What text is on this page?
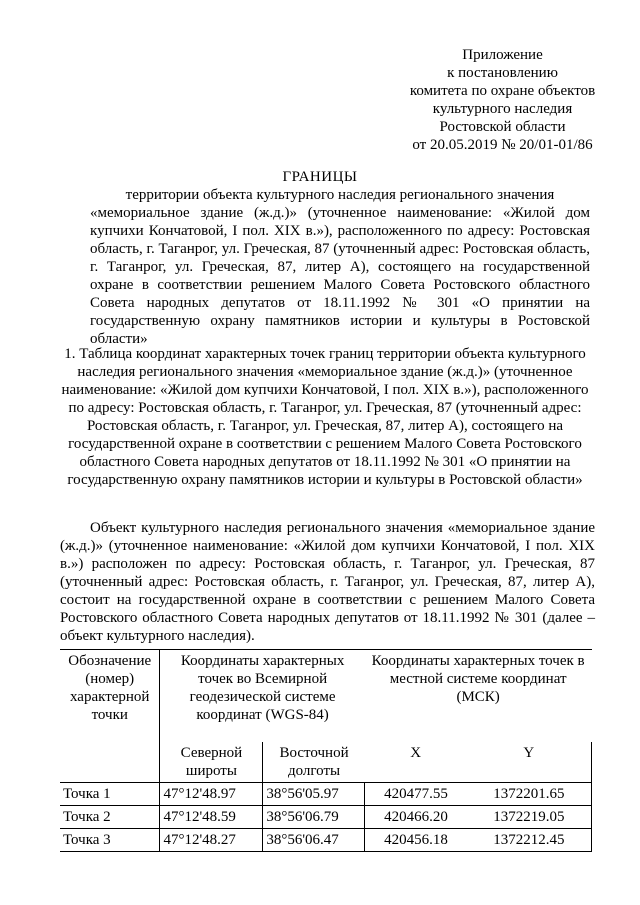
Приложение
к постановлению
комитета по охране объектов
культурного наследия
Ростовской области
от 20.05.2019 № 20/01-01/86
ГРАНИЦЫ
территории объекта культурного наследия регионального значения
«мемориальное здание (ж.д.)» (уточненное наименование: «Жилой дом купчихи Кончатовой, I пол. XIX в.»), расположенного по адресу: Ростовская область, г. Таганрог, ул. Греческая, 87 (уточненный адрес: Ростовская область, г. Таганрог, ул. Греческая, 87, литер А), состоящего на государственной охране в соответствии решением Малого Совета Ростовского областного Совета народных депутатов от 18.11.1992 № 301 «О принятии на государственную охрану памятников истории и культуры в Ростовской области»
1. Таблица координат характерных точек границ территории объекта культурного наследия регионального значения «мемориальное здание (ж.д.)» (уточненное наименование: «Жилой дом купчихи Кончатовой, I пол. XIX в.»), расположенного по адресу: Ростовская область, г. Таганрог, ул. Греческая, 87 (уточненный адрес: Ростовская область, г. Таганрог, ул. Греческая, 87, литер А), состоящего на государственной охране в соответствии с решением Малого Совета Ростовского областного Совета народных депутатов от 18.11.1992 № 301 «О принятии на государственную охрану памятников истории и культуры в Ростовской области»
Объект культурного наследия регионального значения «мемориальное здание (ж.д.)» (уточненное наименование: «Жилой дом купчихи Кончатовой, I пол. XIX в.») расположен по адресу: Ростовская область, г. Таганрог, ул. Греческая, 87 (уточненный адрес: Ростовская область, г. Таганрог, ул. Греческая, 87, литер А), состоит на государственной охране в соответствии с решением Малого Совета Ростовского областного Совета народных депутатов от 18.11.1992 № 301 (далее – объект культурного наследия).
Обозначение (номер) характерной точки	Координаты характерных точек во Всемирной геодезической системе координат (WGS-84)		Координаты характерных точек в местной системе координат (МСК)	
	Северной широты	Восточной долготы	X	Y
Точка 1	47°12'48.97	38°56'05.97	420477.55	1372201.65
Точка 2	47°12'48.59	38°56'06.79	420466.20	1372219.05
Точка 3	47°12'48.27	38°56'06.47	420456.18	1372212.45
